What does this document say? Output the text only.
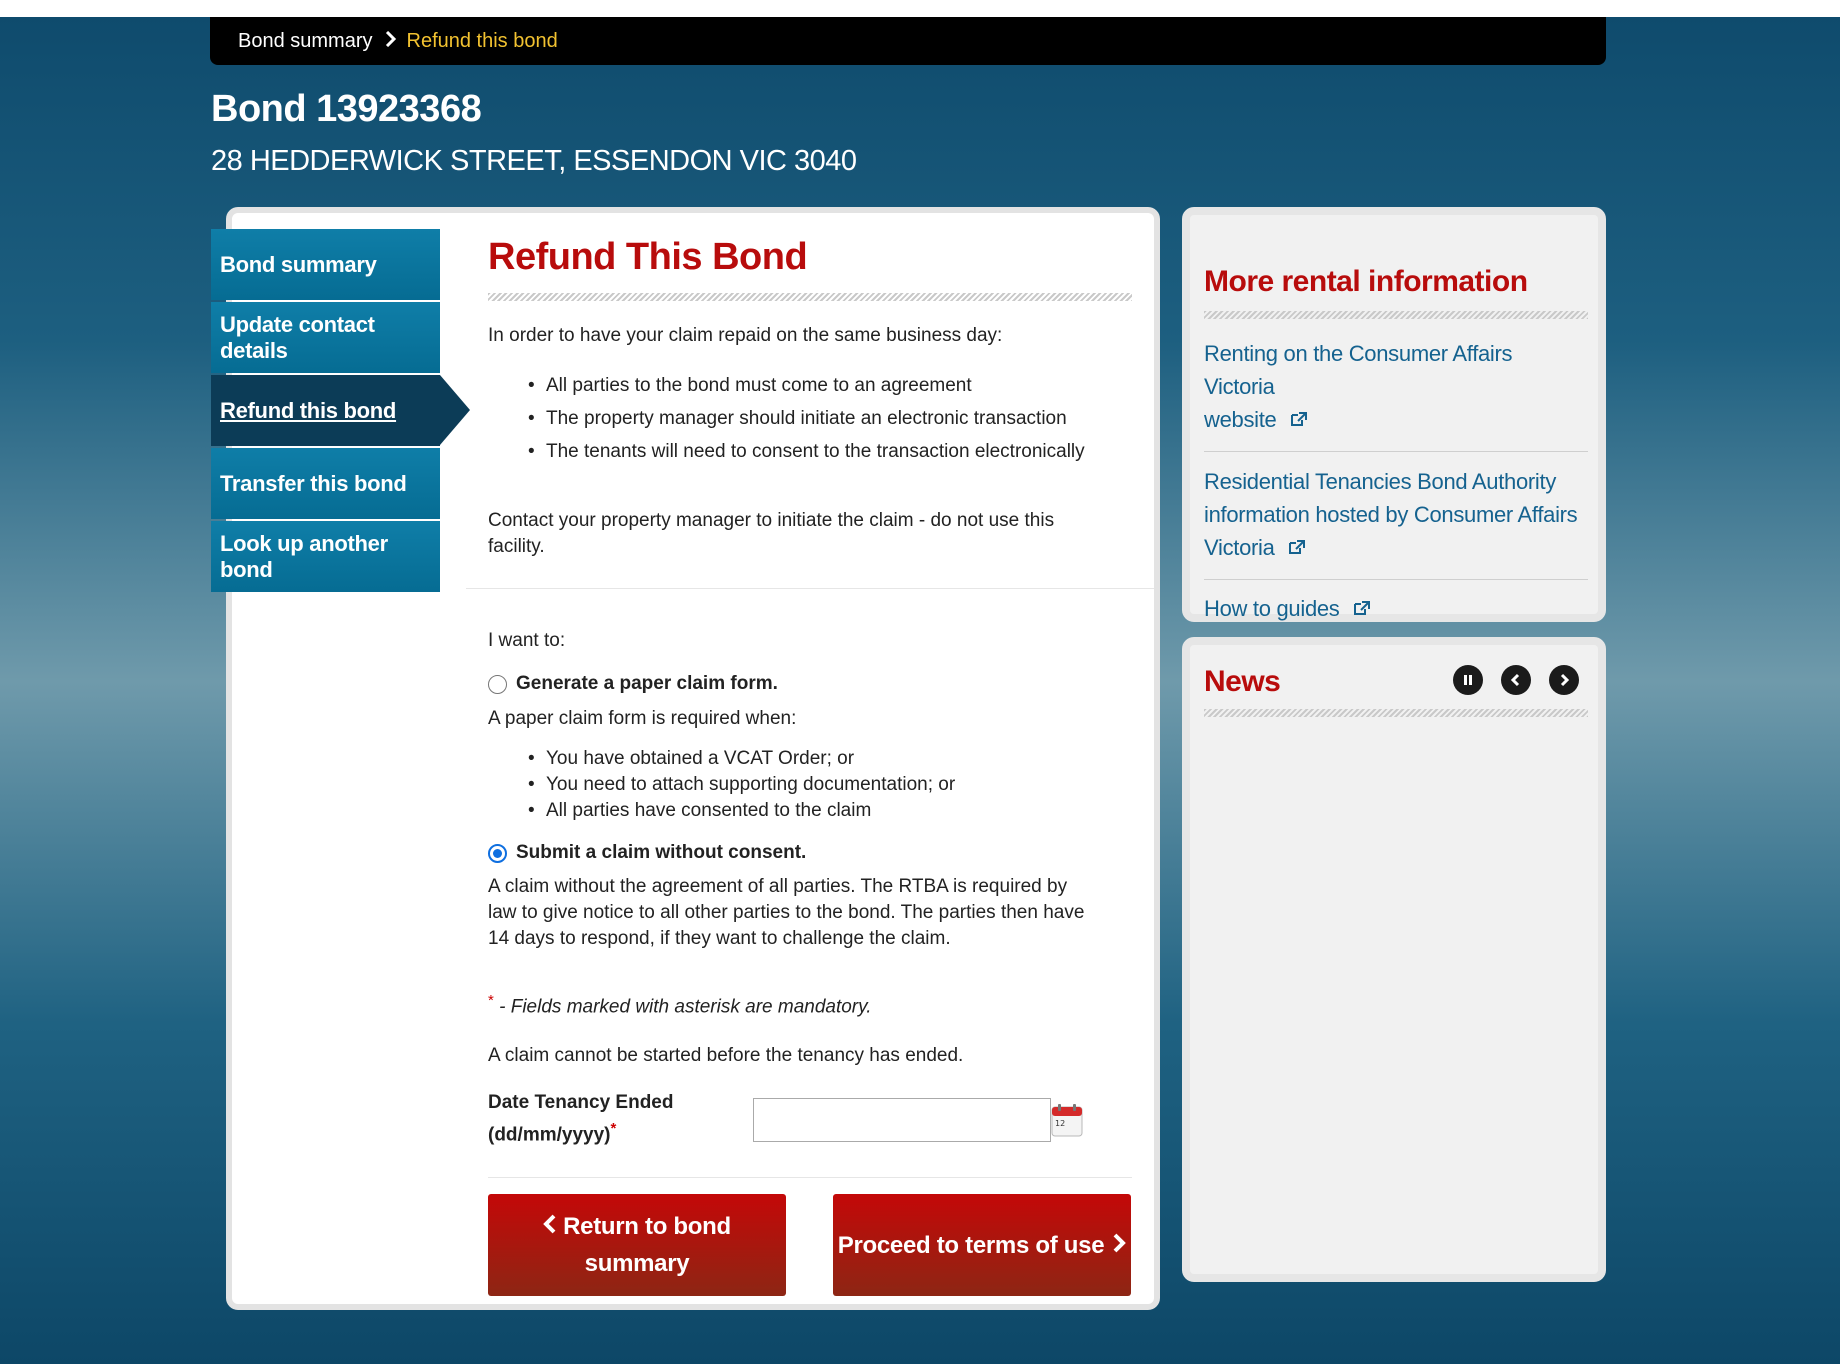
Bond summary Refund this bond
Bond 13923368
28 HEDDERWICK STREET, ESSENDON VIC 3040
Bond summary
Update contact details
Refund this bond
Transfer this bond
Look up another bond
Refund This Bond
In order to have your claim repaid on the same business day:
• All parties to the bond must come to an agreement
• The property manager should initiate an electronic transaction
• The tenants will need to consent to the transaction electronically
Contact your property manager to initiate the claim - do not use this
facility.
I want to:
Generate a paper claim form.
A paper claim form is required when:
• You have obtained a VCAT Order; or
• You need to attach supporting documentation; or
• All parties have consented to the claim
Submit a claim without consent.
A claim without the agreement of all parties. The RTBA is required by
law to give notice to all other parties to the bond. The parties then have
14 days to respond, if they want to challenge the claim.
* - Fields marked with asterisk are mandatory.
A claim cannot be started before the tenancy has ended.
Date Tenancy Ended
(dd/mm/yyyy)*	12
Return to bond
summary
Proceed to terms of use
More rental information
Renting on the Consumer Affairs Victoria
website
Residential Tenancies Bond Authority
information hosted by Consumer Affairs
Victoria
How to guides
News
